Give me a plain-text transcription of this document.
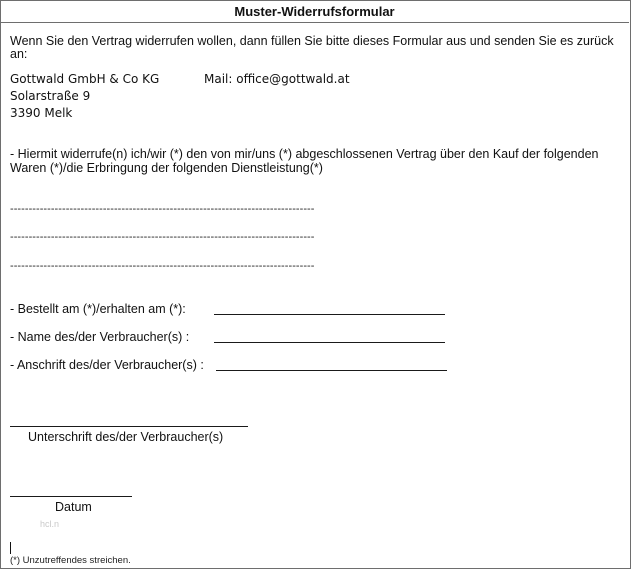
Muster-Widerrufsformular
Wenn Sie den Vertrag widerrufen wollen, dann füllen Sie bitte dieses Formular aus und senden Sie es zurück
an:
Gottwald GmbH & Co KG
Solarstraße 9
3390 Melk
Mail: office@gottwald.at
- Hiermit widerrufe(n) ich/wir (*) den von mir/uns (*) abgeschlossenen Vertrag über den Kauf der folgenden
Waren (*)/die Erbringung der folgenden Dienstleistung(*)
----------------------------------------------------------------------------------
----------------------------------------------------------------------------------
----------------------------------------------------------------------------------
- Bestellt am (*)/erhalten am (*):
- Name des/der Verbraucher(s) :
- Anschrift des/der Verbraucher(s) :
Unterschrift des/der Verbraucher(s)
Datum
hcl.n
(*) Unzutreffendes streichen.
